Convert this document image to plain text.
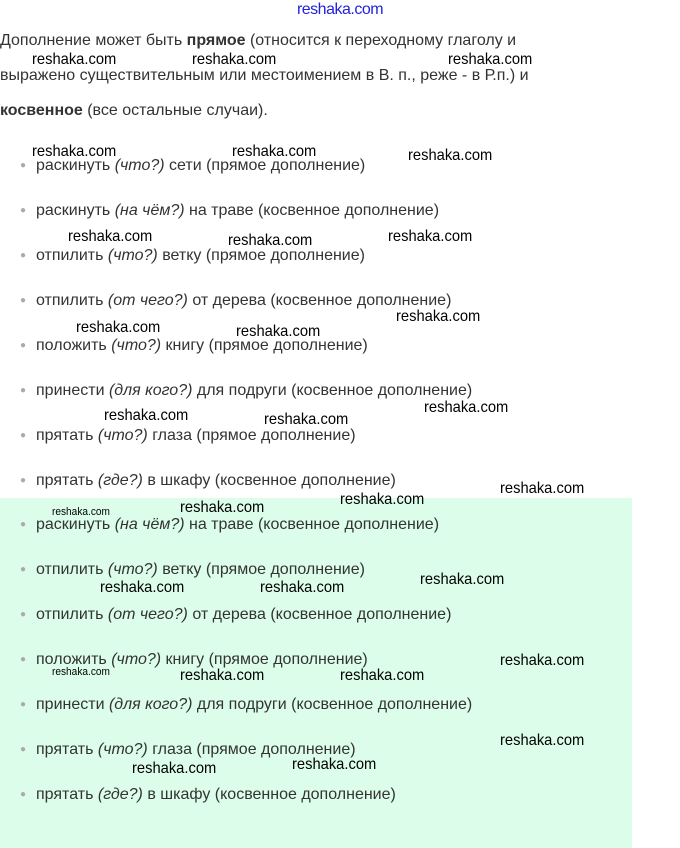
reshaka.com
Дополнение может быть прямое (относится к переходному глаголу и
выражено существительным или местоимением в В. п., реже - в Р.п.) и
косвенное (все остальные случаи).
● раскинуть (что?) сети (прямое дополнение)
● раскинуть (на чём?) на траве (косвенное дополнение)
● отпилить (что?) ветку (прямое дополнение)
● отпилить (от чего?) от дерева (косвенное дополнение)
● положить (что?) книгу (прямое дополнение)
● принести (для кого?) для подруги (косвенное дополнение)
● прятать (что?) глаза (прямое дополнение)
● прятать (где?) в шкафу (косвенное дополнение)
● раскинуть (на чём?) на траве (косвенное дополнение)
● отпилить (что?) ветку (прямое дополнение)
● отпилить (от чего?) от дерева (косвенное дополнение)
● положить (что?) книгу (прямое дополнение)
● принести (для кого?) для подруги (косвенное дополнение)
● прятать (что?) глаза (прямое дополнение)
● прятать (где?) в шкафу (косвенное дополнение)
reshaka.com	reshaka.com	reshaka.com
reshaka.com	reshaka.com	reshaka.com
reshaka.com	reshaka.com	reshaka.com
reshaka.com	reshaka.com
reshaka.com
reshaka.com	reshaka.com
reshaka.com
reshaka.com
reshaka.com
reshaka.com
reshaka.com
reshaka.com
reshaka.com	reshaka.com
reshaka.com
reshaka.com	reshaka.com	reshaka.com
reshaka.com
reshaka.com
reshaka.com
